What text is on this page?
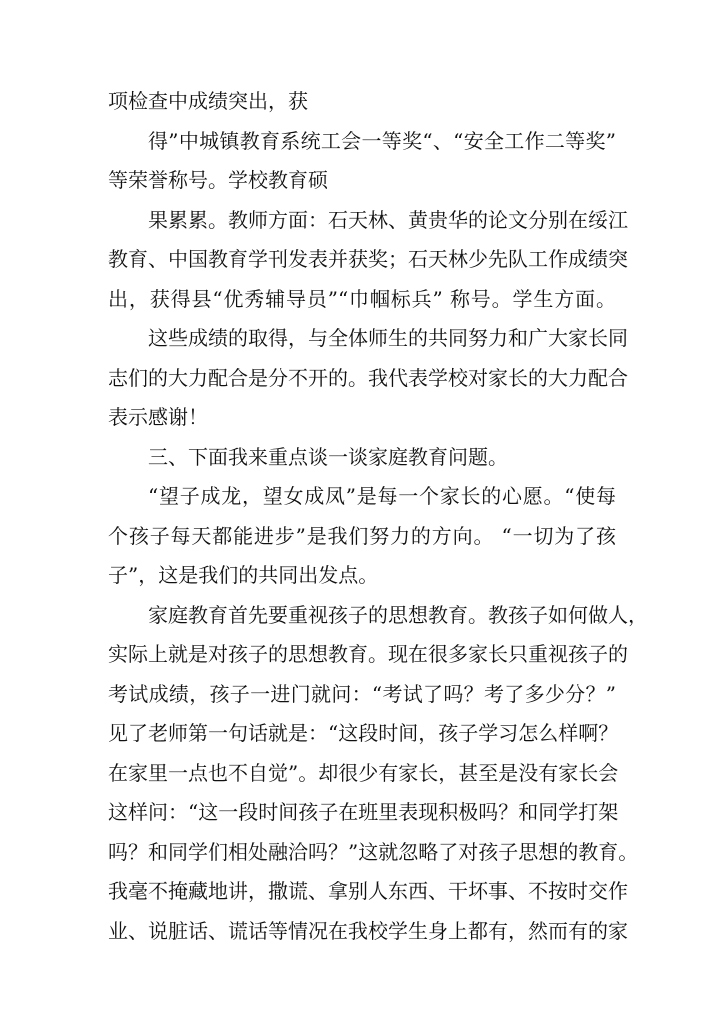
项检查中成绩突出，获
得”中城镇教育系统工会一等奖“、“安全工作二等奖”
等荣誉称号。学校教育硕
果累累。教师方面：石天林、黄贵华的论文分别在绥江
教育、中国教育学刊发表并获奖；石天林少先队工作成绩突
出，获得县“优秀辅导员”“巾帼标兵” 称号。学生方面。
这些成绩的取得，与全体师生的共同努力和广大家长同
志们的大力配合是分不开的。我代表学校对家长的大力配合
表示感谢！
三、下面我来重点谈一谈家庭教育问题。
“望子成龙，望女成凤”是每一个家长的心愿。“使每
个孩子每天都能进步”是我们努力的方向。 “一切为了孩
子”，这是我们的共同出发点。
家庭教育首先要重视孩子的思想教育。教孩子如何做人，
实际上就是对孩子的思想教育。现在很多家长只重视孩子的
考试成绩，孩子一进门就问：“考试了吗？考了多少分？”
见了老师第一句话就是：“这段时间，孩子学习怎么样啊？
在家里一点也不自觉”。却很少有家长，甚至是没有家长会
这样问：“这一段时间孩子在班里表现积极吗？和同学打架
吗？和同学们相处融洽吗？”这就忽略了对孩子思想的教育。
我毫不掩藏地讲，撒谎、拿别人东西、干坏事、不按时交作
业、说脏话、谎话等情况在我校学生身上都有，然而有的家
